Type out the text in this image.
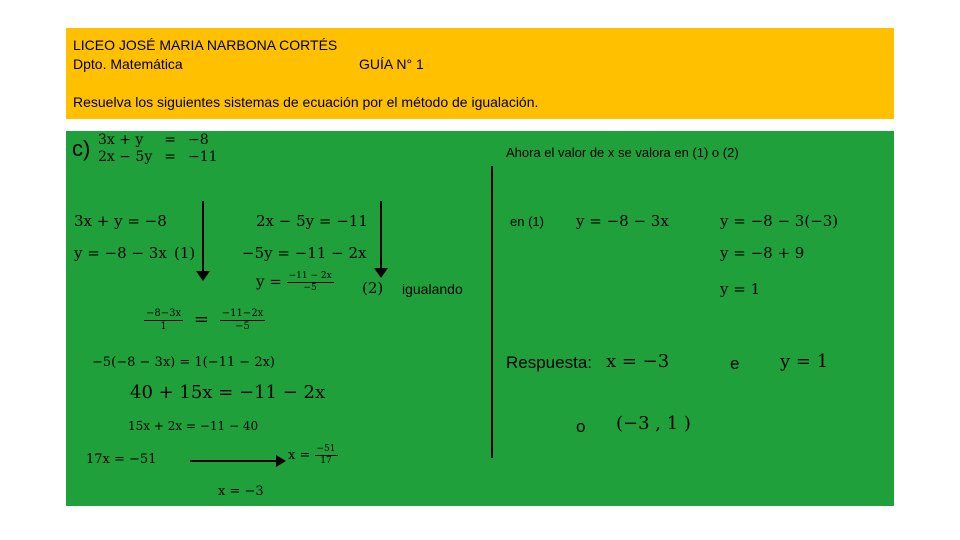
LICEO JOSÉ MARIA NARBONA CORTÉS
Dpto. Matemática	GUÍA N° 1
Resuelva los siguientes sistemas de ecuación por el método de igualación.
c) 3x + y	=	−8
2x − 5y	=	−11
3x + y = −8
y = −8 − 3x (1)
2x − 5y = −11
−5y = −11 − 2x
$y = \frac{-11 - 2x}{-5} (2)$ igualando
$\frac{-8-3x}{1} = \frac{-11-2x}{-5}$
−5(−8 − 3x) = 1(−11 − 2x)
40 + 15x = −11 − 2x
15x + 2x = −11 − 40
17x = −51	$x = \frac{-51}{17}$
x = −3
Ahora el valor de x se valora en (1) o (2)
en (1) y = −8 − 3x	y = −8 − 3(−3)
y = −8 + 9
y = 1
Respuesta: x = −3	e y = 1
o (−3 , 1 )
